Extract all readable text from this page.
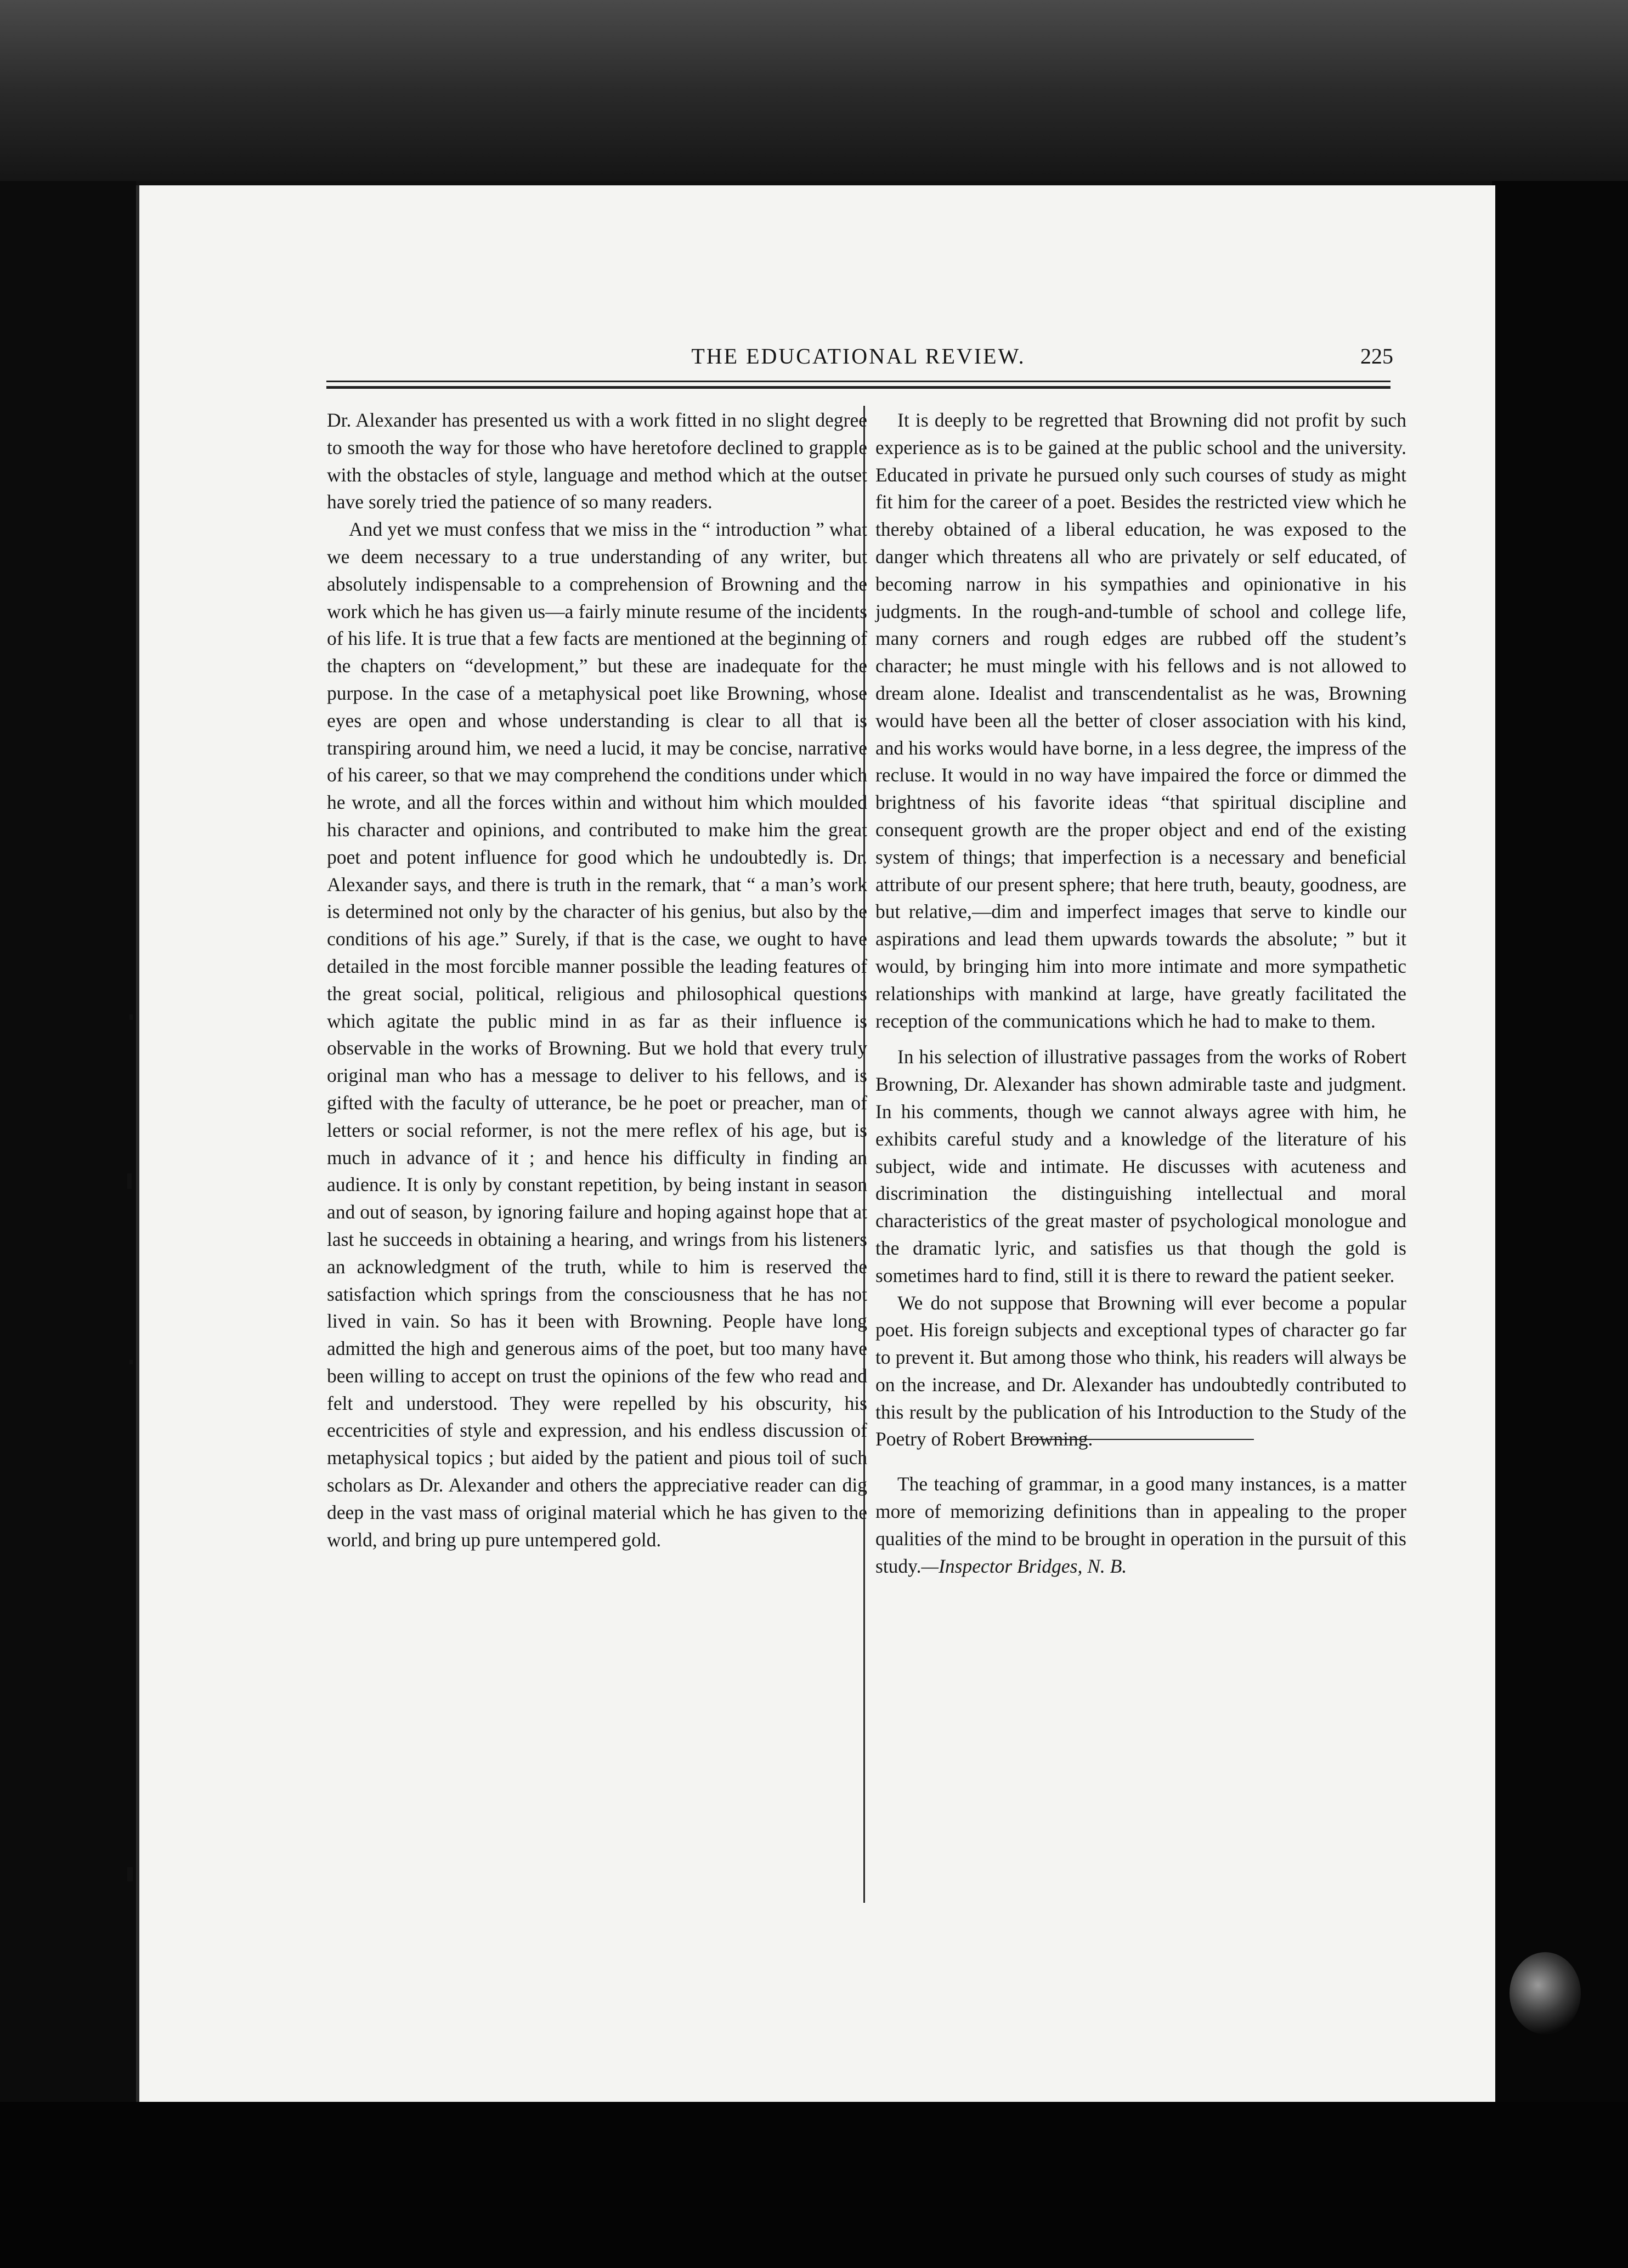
THE EDUCATIONAL REVIEW.	225

Dr. Alexander has presented us with a work fitted in no slight degree to smooth the way for those who have heretofore declined to grapple with the obstacles of style, language and method which at the outset have sorely tried the patience of so many readers.

And yet we must confess that we miss in the “ introduction ” what we deem necessary to a true understanding of any writer, but absolutely indispensable to a comprehension of Browning and the work which he has given us—a fairly minute resume of the incidents of his life. It is true that a few facts are mentioned at the beginning of the chapters on “development,” but these are inadequate for the purpose. In the case of a metaphysical poet like Browning, whose eyes are open and whose understanding is clear to all that is transpiring around him, we need a lucid, it may be concise, narrative of his career, so that we may comprehend the conditions under which he wrote, and all the forces within and without him which moulded his character and opinions, and contributed to make him the great poet and potent influence for good which he undoubtedly is. Dr. Alexander says, and there is truth in the remark, that “ a man’s work is determined not only by the character of his genius, but also by the conditions of his age.” Surely, if that is the case, we ought to have detailed in the most forcible manner possible the leading features of the great social, political, religious and philosophical questions which agitate the public mind in as far as their influence is observable in the works of Browning. But we hold that every truly original man who has a message to deliver to his fellows, and is gifted with the faculty of utterance, be he poet or preacher, man of letters or social reformer, is not the mere reflex of his age, but is much in advance of it ; and hence his difficulty in finding an audience. It is only by constant repetition, by being instant in season and out of season, by ignoring failure and hoping against hope that at last he succeeds in obtaining a hearing, and wrings from his listeners an acknowledgment of the truth, while to him is reserved the satisfaction which springs from the consciousness that he has not lived in vain. So has it been with Browning. People have long admitted the high and generous aims of the poet, but too many have been willing to accept on trust the opinions of the few who read and felt and understood. They were repelled by his obscurity, his eccentricities of style and expression, and his endless discussion of metaphysical topics ; but aided by the patient and pious toil of such scholars as Dr. Alexander and others the appreciative reader can dig deep in the vast mass of original material which he has given to the world, and bring up pure untempered gold.

It is deeply to be regretted that Browning did not profit by such experience as is to be gained at the public school and the university. Educated in private he pursued only such courses of study as might fit him for the career of a poet. Besides the restricted view which he thereby obtained of a liberal education, he was exposed to the danger which threatens all who are privately or self educated, of becoming narrow in his sympathies and opinionative in his judgments. In the rough-and-tumble of school and college life, many corners and rough edges are rubbed off the student’s character; he must mingle with his fellows and is not allowed to dream alone. Idealist and transcendentalist as he was, Browning would have been all the better of closer association with his kind, and his works would have borne, in a less degree, the impress of the recluse. It would in no way have impaired the force or dimmed the brightness of his favorite ideas “that spiritual discipline and consequent growth are the proper object and end of the existing system of things; that imperfection is a necessary and beneficial attribute of our present sphere; that here truth, beauty, goodness, are but relative,—dim and imperfect images that serve to kindle our aspirations and lead them upwards towards the absolute; ” but it would, by bringing him into more intimate and more sympathetic relationships with mankind at large, have greatly facilitated the reception of the communications which he had to make to them.

In his selection of illustrative passages from the works of Robert Browning, Dr. Alexander has shown admirable taste and judgment. In his comments, though we cannot always agree with him, he exhibits careful study and a knowledge of the literature of his subject, wide and intimate. He discusses with acuteness and discrimination the distinguishing intellectual and moral characteristics of the great master of psychological monologue and the dramatic lyric, and satisfies us that though the gold is sometimes hard to find, still it is there to reward the patient seeker.

We do not suppose that Browning will ever become a popular poet. His foreign subjects and exceptional types of character go far to prevent it. But among those who think, his readers will always be on the increase, and Dr. Alexander has undoubtedly contributed to this result by the publication of his Introduction to the Study of the Poetry of Robert Browning.

The teaching of grammar, in a good many instances, is a matter more of memorizing definitions than in appealing to the proper qualities of the mind to be brought in operation in the pursuit of this study.—Inspector Bridges, N. B.
